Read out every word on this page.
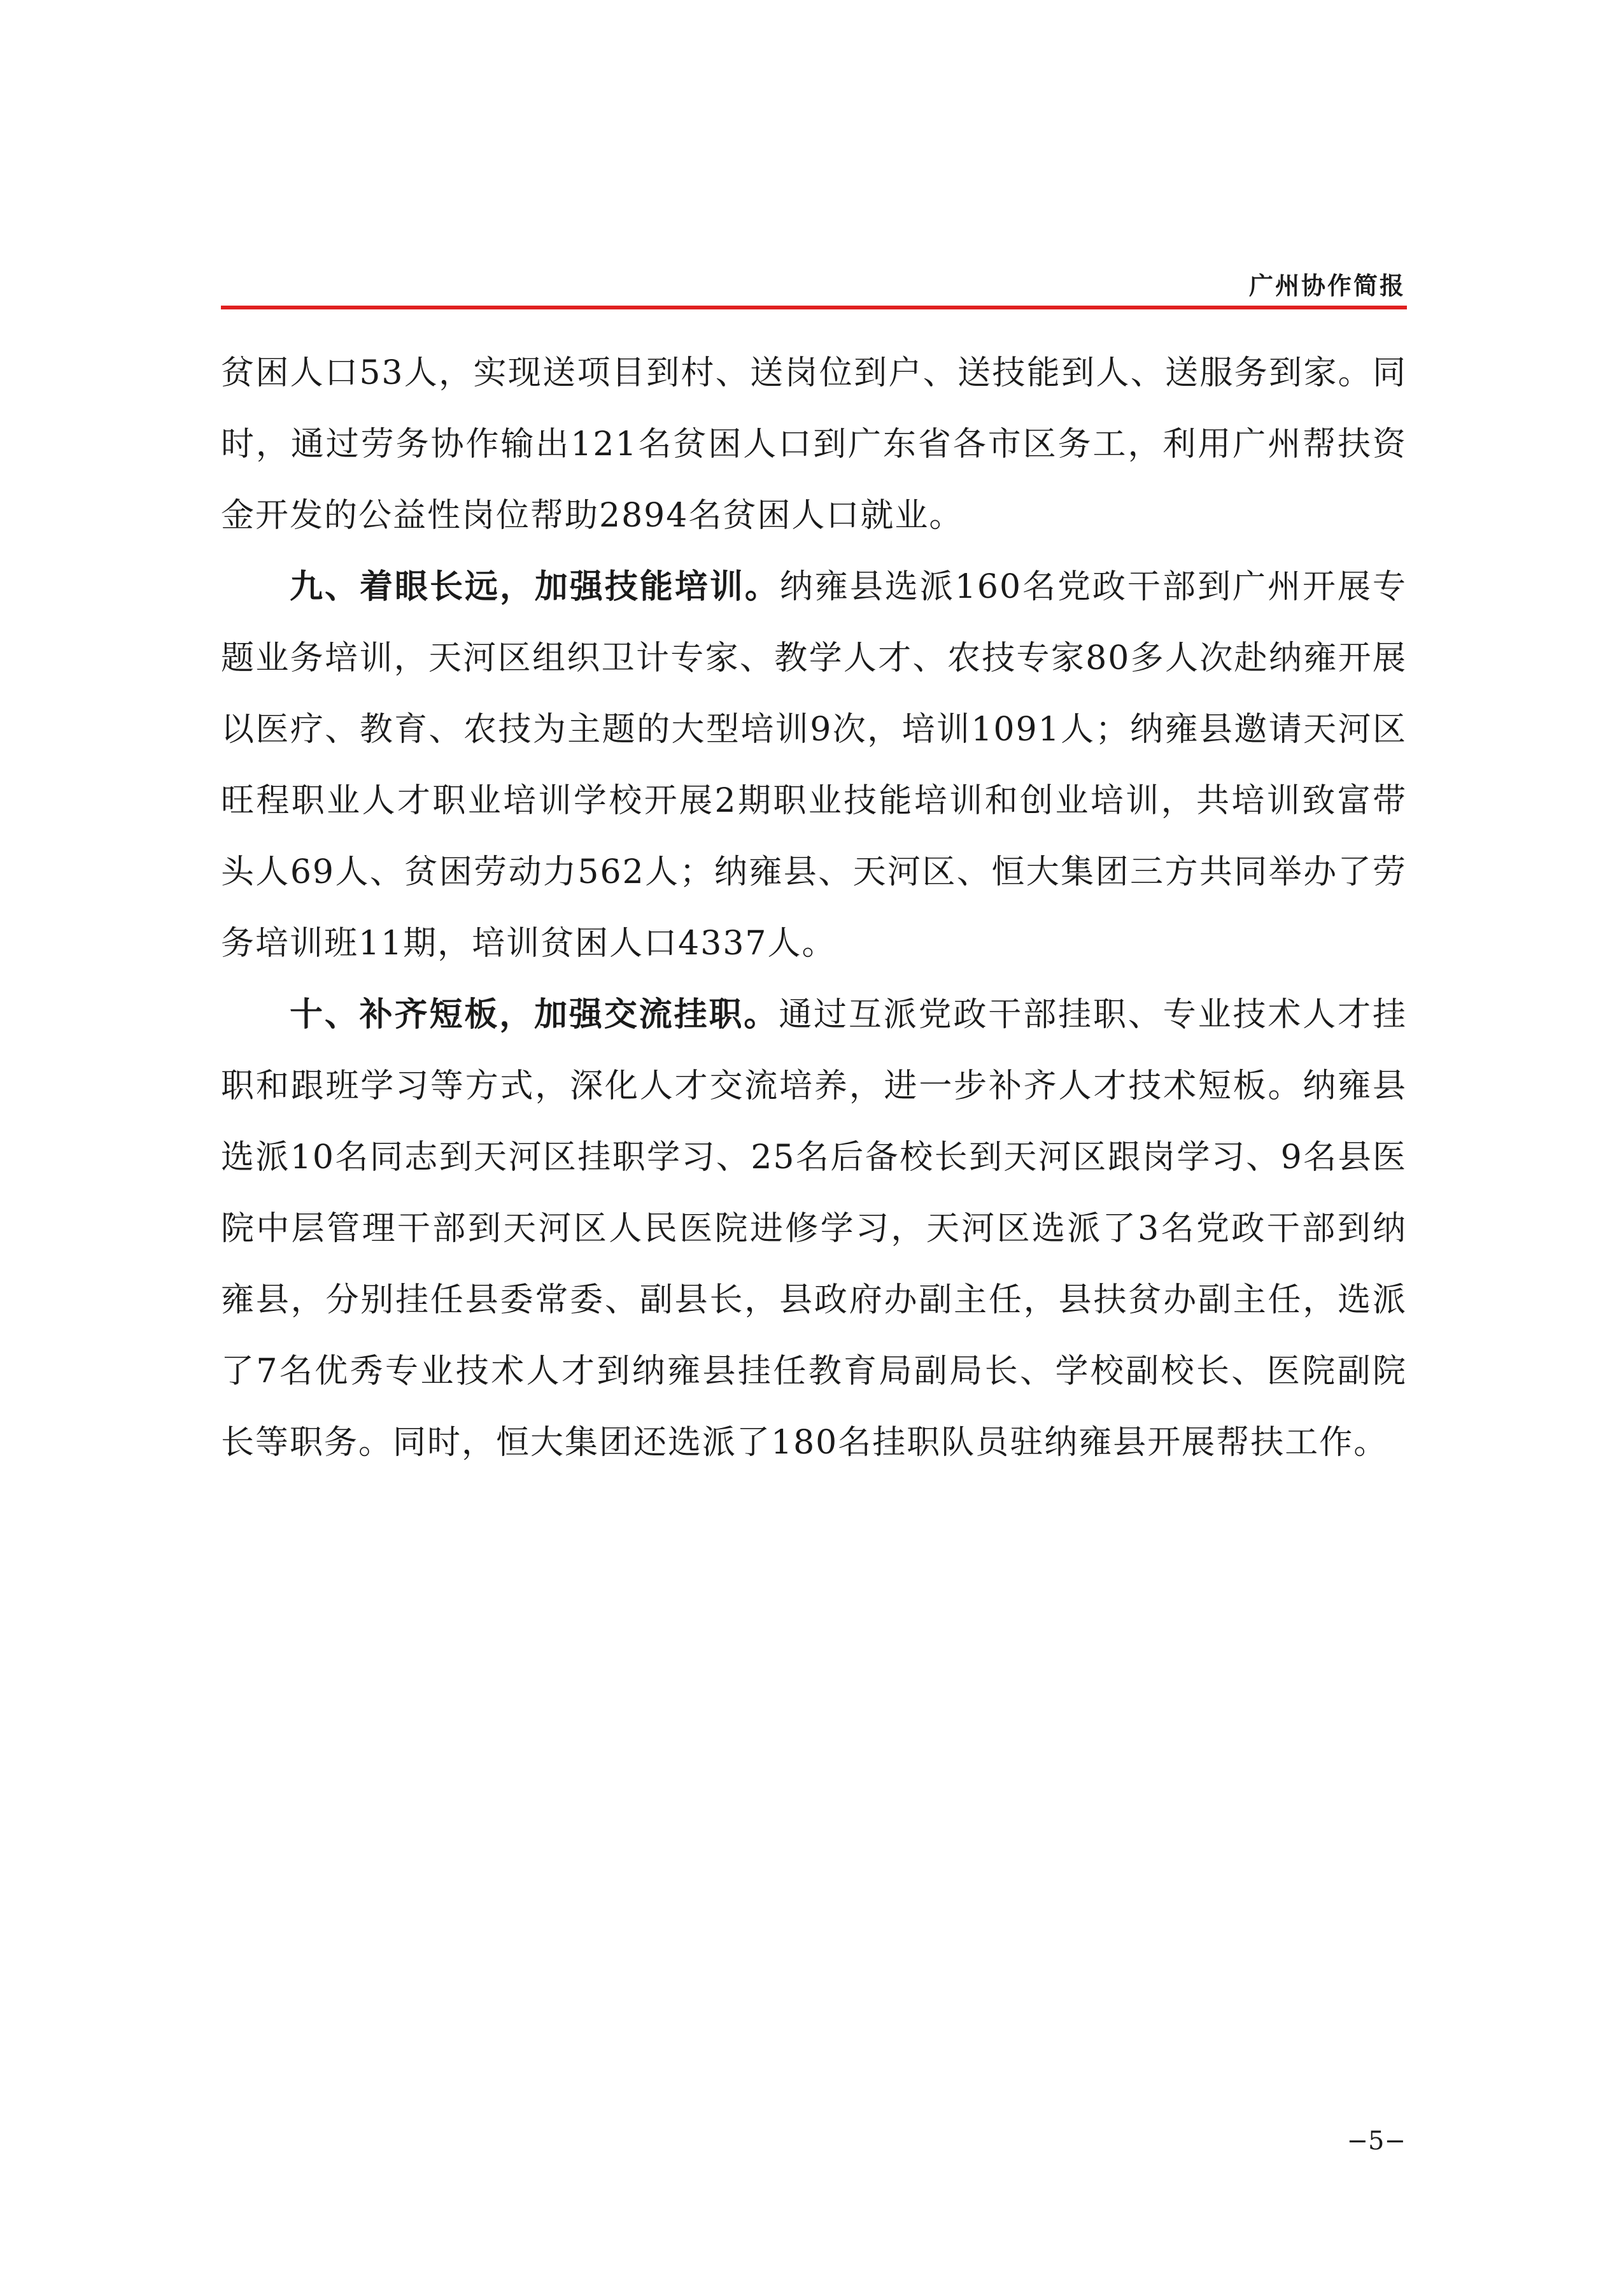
广州协作简报

贫困人口53人，实现送项目到村、送岗位到户、送技能到人、送服务到家。同时，通过劳务协作输出121名贫困人口到广东省各市区务工，利用广州帮扶资金开发的公益性岗位帮助2894名贫困人口就业。

九、着眼长远，加强技能培训。纳雍县选派160名党政干部到广州开展专题业务培训，天河区组织卫计专家、教学人才、农技专家80多人次赴纳雍开展以医疗、教育、农技为主题的大型培训9次，培训1091人；纳雍县邀请天河区旺程职业人才职业培训学校开展2期职业技能培训和创业培训，共培训致富带头人69人、贫困劳动力562人；纳雍县、天河区、恒大集团三方共同举办了劳务培训班11期，培训贫困人口4337人。

十、补齐短板，加强交流挂职。通过互派党政干部挂职、专业技术人才挂职和跟班学习等方式，深化人才交流培养，进一步补齐人才技术短板。纳雍县选派10名同志到天河区挂职学习、25名后备校长到天河区跟岗学习、9名县医院中层管理干部到天河区人民医院进修学习，天河区选派了3名党政干部到纳雍县，分别挂任县委常委、副县长，县政府办副主任，县扶贫办副主任，选派了7名优秀专业技术人才到纳雍县挂任教育局副局长、学校副校长、医院副院长等职务。同时，恒大集团还选派了180名挂职队员驻纳雍县开展帮扶工作。

−5−
